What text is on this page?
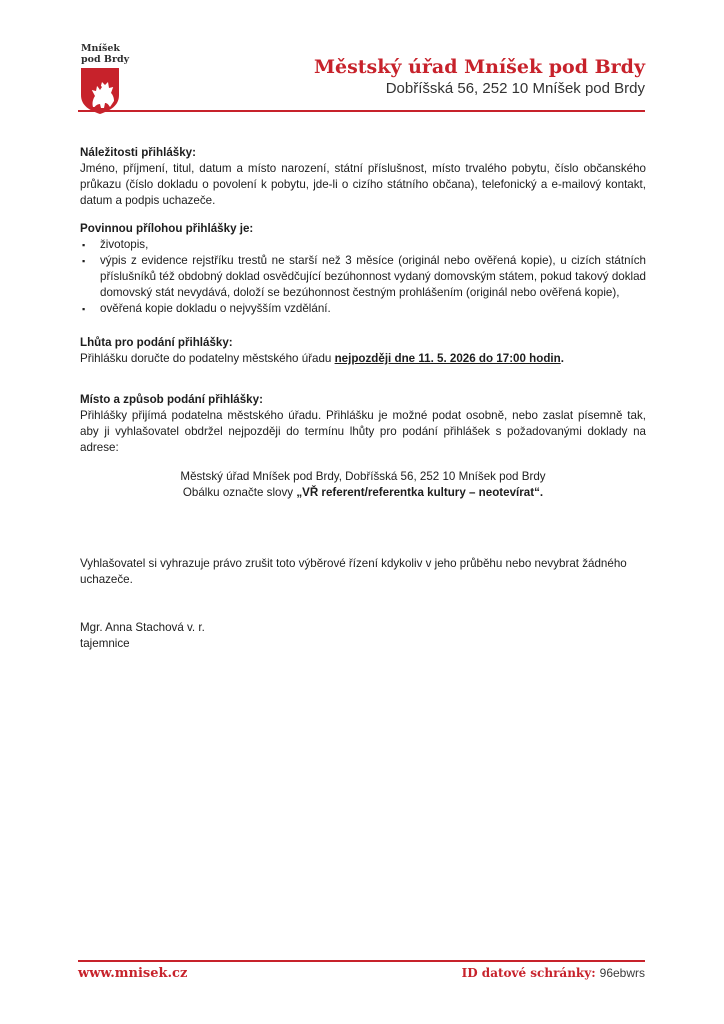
Mníšek
pod Brdy	Městský úřad Mníšek pod Brdy
Dobříšská 56, 252 10 Mníšek pod Brdy

Náležitosti přihlášky:

Jméno, příjmení, titul, datum a místo narození, státní příslušnost, místo trvalého pobytu, číslo občanského průkazu (číslo dokladu o povolení k pobytu, jde-li o cizího státního občana), telefonický a e-mailový kontakt, datum a podpis uchazeče.

Povinnou přílohou přihlášky je:

▪	životopis,
▪	výpis z evidence rejstříku trestů ne starší než 3 měsíce (originál nebo ověřená kopie), u cizích státních příslušníků též obdobný doklad osvědčující bezúhonnost vydaný domovským státem, pokud takový doklad domovský stát nevydává, doloží se bezúhonnost čestným prohlášením (originál nebo ověřená kopie),
▪	ověřená kopie dokladu o nejvyšším vzdělání.

Lhůta pro podání přihlášky:

Přihlášku doručte do podatelny městského úřadu nejpozději dne 11. 5. 2026 do 17:00 hodin.

Místo a způsob podání přihlášky:

Přihlášky přijímá podatelna městského úřadu. Přihlášku je možné podat osobně, nebo zaslat písemně tak, aby ji vyhlašovatel obdržel nejpozději do termínu lhůty pro podání přihlášek s požadovanými doklady na adrese:

Městský úřad Mníšek pod Brdy, Dobříšská 56, 252 10 Mníšek pod Brdy

Obálku označte slovy „VŘ referent/referentka kultury – neotevírat“.

Vyhlašovatel si vyhrazuje právo zrušit toto výběrové řízení kdykoliv v jeho průběhu nebo nevybrat žádného uchazeče.

Mgr. Anna Stachová v. r.

tajemnice

www.mnisek.cz	ID datové schránky: 96ebwrs
